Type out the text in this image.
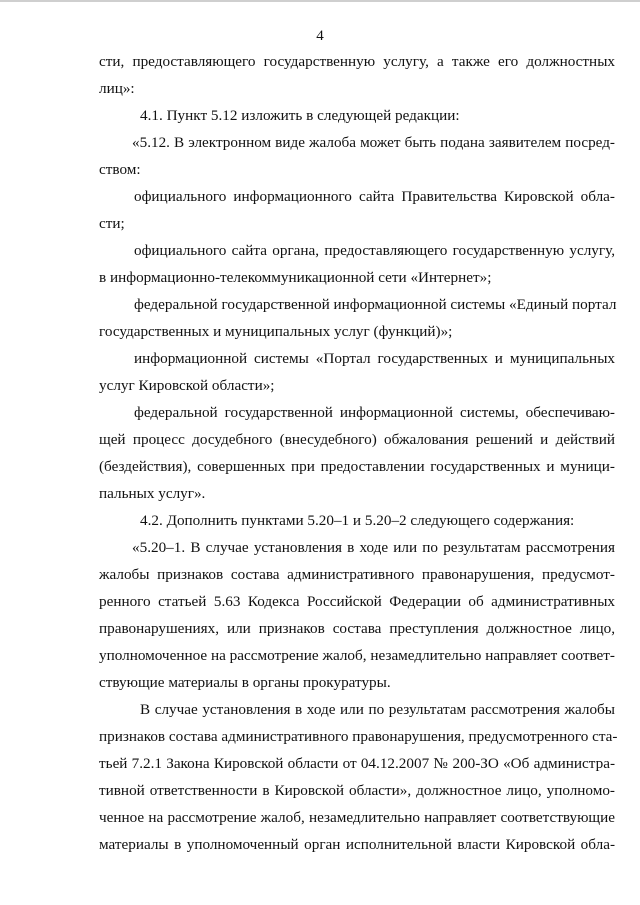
4
сти, предоставляющего государственную услугу, а также его должностных
лиц»:
4.1. Пункт 5.12 изложить в следующей редакции:
«5.12. В электронном виде жалоба может быть подана заявителем посред-
ством:
официального информационного сайта Правительства Кировской обла-
сти;
официального сайта органа, предоставляющего государственную услугу,
в информационно-телекоммуникационной сети «Интернет»;
федеральной государственной информационной системы «Единый портал
государственных и муниципальных услуг (функций)»;
информационной системы «Портал государственных и муниципальных
услуг Кировской области»;
федеральной государственной информационной системы, обеспечиваю-
щей процесс досудебного (внесудебного) обжалования решений и действий
(бездействия), совершенных при предоставлении государственных и муници-
пальных услуг».
4.2. Дополнить пунктами 5.20–1 и 5.20–2 следующего содержания:
«5.20–1. В случае установления в ходе или по результатам рассмотрения
жалобы признаков состава административного правонарушения, предусмот-
ренного статьей 5.63 Кодекса Российской Федерации об административных
правонарушениях, или признаков состава преступления должностное лицо,
уполномоченное на рассмотрение жалоб, незамедлительно направляет соответ-
ствующие материалы в органы прокуратуры.
В случае установления в ходе или по результатам рассмотрения жалобы
признаков состава административного правонарушения, предусмотренного ста-
тьей 7.2.1 Закона Кировской области от 04.12.2007 № 200-ЗО «Об администра-
тивной ответственности в Кировской области», должностное лицо, уполномо-
ченное на рассмотрение жалоб, незамедлительно направляет соответствующие
материалы в уполномоченный орган исполнительной власти Кировской обла-
